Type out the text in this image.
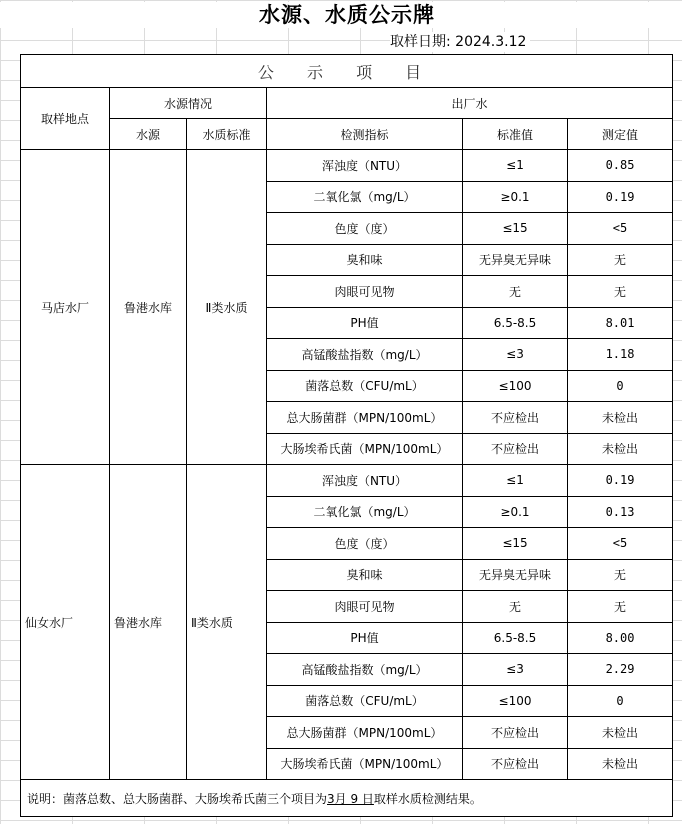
水源、水质公示牌
取样日期: 2024.3.12
公 示 项 目					
取样地点	水源情况		出厂水		
	水源	水质标准	检测指标	标准值	测定值
马店水厂	鲁港水库	Ⅱ类水质	浑浊度（NTU）	≤1	0.85
			二氧化氯（mg/L）	≥0.1	0.19
			色度（度）	≤15	<5
			臭和味	无异臭无异味	无
			肉眼可见物	无	无
			PH值	6.5-8.5	8.01
			高锰酸盐指数（mg/L）	≤3	1.18
			菌落总数（CFU/mL）	≤100	0
			总大肠菌群（MPN/100mL）	不应检出	未检出
			大肠埃希氏菌（MPN/100mL）	不应检出	未检出
仙女水厂	鲁港水库	Ⅱ类水质	浑浊度（NTU）	≤1	0.19
			二氧化氯（mg/L）	≥0.1	0.13
			色度（度）	≤15	<5
			臭和味	无异臭无异味	无
			肉眼可见物	无	无
			PH值	6.5-8.5	8.00
			高锰酸盐指数（mg/L）	≤3	2.29
			菌落总数（CFU/mL）	≤100	0
			总大肠菌群（MPN/100mL）	不应检出	未检出
			大肠埃希氏菌（MPN/100mL）	不应检出	未检出
说明：菌落总数、总大肠菌群、大肠埃希氏菌三个项目为3月 9 日取样水质检测结果。					
